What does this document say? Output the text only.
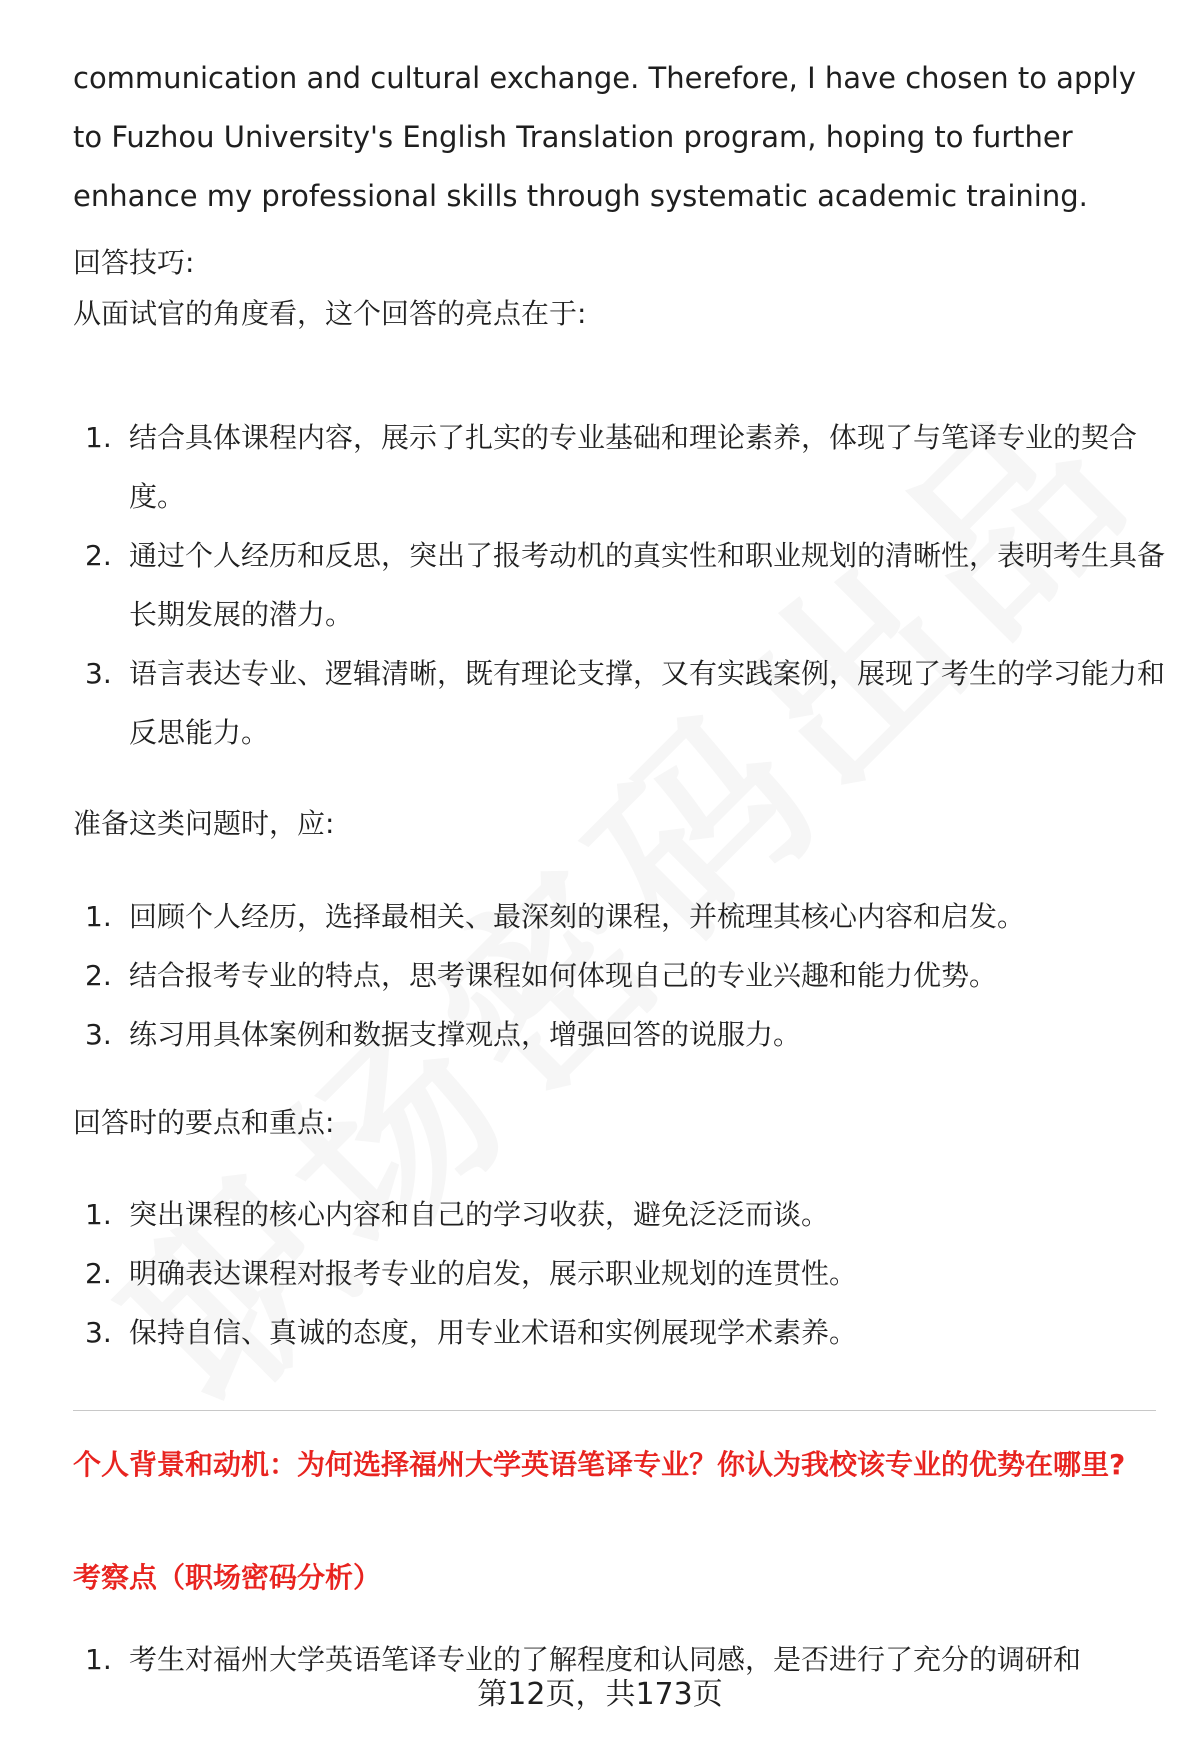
communication and cultural exchange. Therefore, I have chosen to apply to Fuzhou University's English Translation program, hoping to further enhance my professional skills through systematic academic training.
回答技巧:
从面试官的角度看，这个回答的亮点在于:
1. 结合具体课程内容，展示了扎实的专业基础和理论素养，体现了与笔译专业的契合度。
2. 通过个人经历和反思，突出了报考动机的真实性和职业规划的清晰性，表明考生具备长期发展的潜力。
3. 语言表达专业、逻辑清晰，既有理论支撑，又有实践案例，展现了考生的学习能力和反思能力。
准备这类问题时，应:
1. 回顾个人经历，选择最相关、最深刻的课程，并梳理其核心内容和启发。
2. 结合报考专业的特点，思考课程如何体现自己的专业兴趣和能力优势。
3. 练习用具体案例和数据支撑观点，增强回答的说服力。
回答时的要点和重点:
1. 突出课程的核心内容和自己的学习收获，避免泛泛而谈。
2. 明确表达课程对报考专业的启发，展示职业规划的连贯性。
3. 保持自信、真诚的态度，用专业术语和实例展现学术素养。
个人背景和动机：为何选择福州大学英语笔译专业？你认为我校该专业的优势在哪里?
考察点（职场密码分析）
1. 考生对福州大学英语笔译专业的了解程度和认同感，是否进行了充分的调研和
第12页，共173页
